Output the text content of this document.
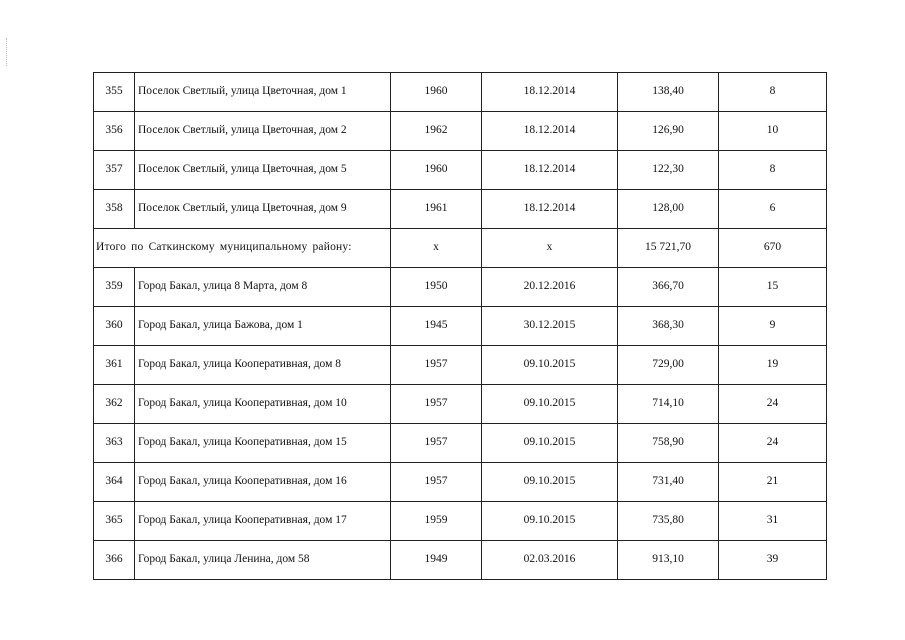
355	Поселок Светлый, улица Цветочная, дом 1	1960	18.12.2014	138,40	8
356	Поселок Светлый, улица Цветочная, дом 2	1962	18.12.2014	126,90	10
357	Поселок Светлый, улица Цветочная, дом 5	1960	18.12.2014	122,30	8
358	Поселок Светлый, улица Цветочная, дом 9	1961	18.12.2014	128,00	6
Итого по Саткинскому муниципальному району:		х	х	15 721,70	670
359	Город Бакал, улица 8 Марта, дом 8	1950	20.12.2016	366,70	15
360	Город Бакал, улица Бажова, дом 1	1945	30.12.2015	368,30	9
361	Город Бакал, улица Кооперативная, дом 8	1957	09.10.2015	729,00	19
362	Город Бакал, улица Кооперативная, дом 10	1957	09.10.2015	714,10	24
363	Город Бакал, улица Кооперативная, дом 15	1957	09.10.2015	758,90	24
364	Город Бакал, улица Кооперативная, дом 16	1957	09.10.2015	731,40	21
365	Город Бакал, улица Кооперативная, дом 17	1959	09.10.2015	735,80	31
366	Город Бакал, улица Ленина, дом 58	1949	02.03.2016	913,10	39
